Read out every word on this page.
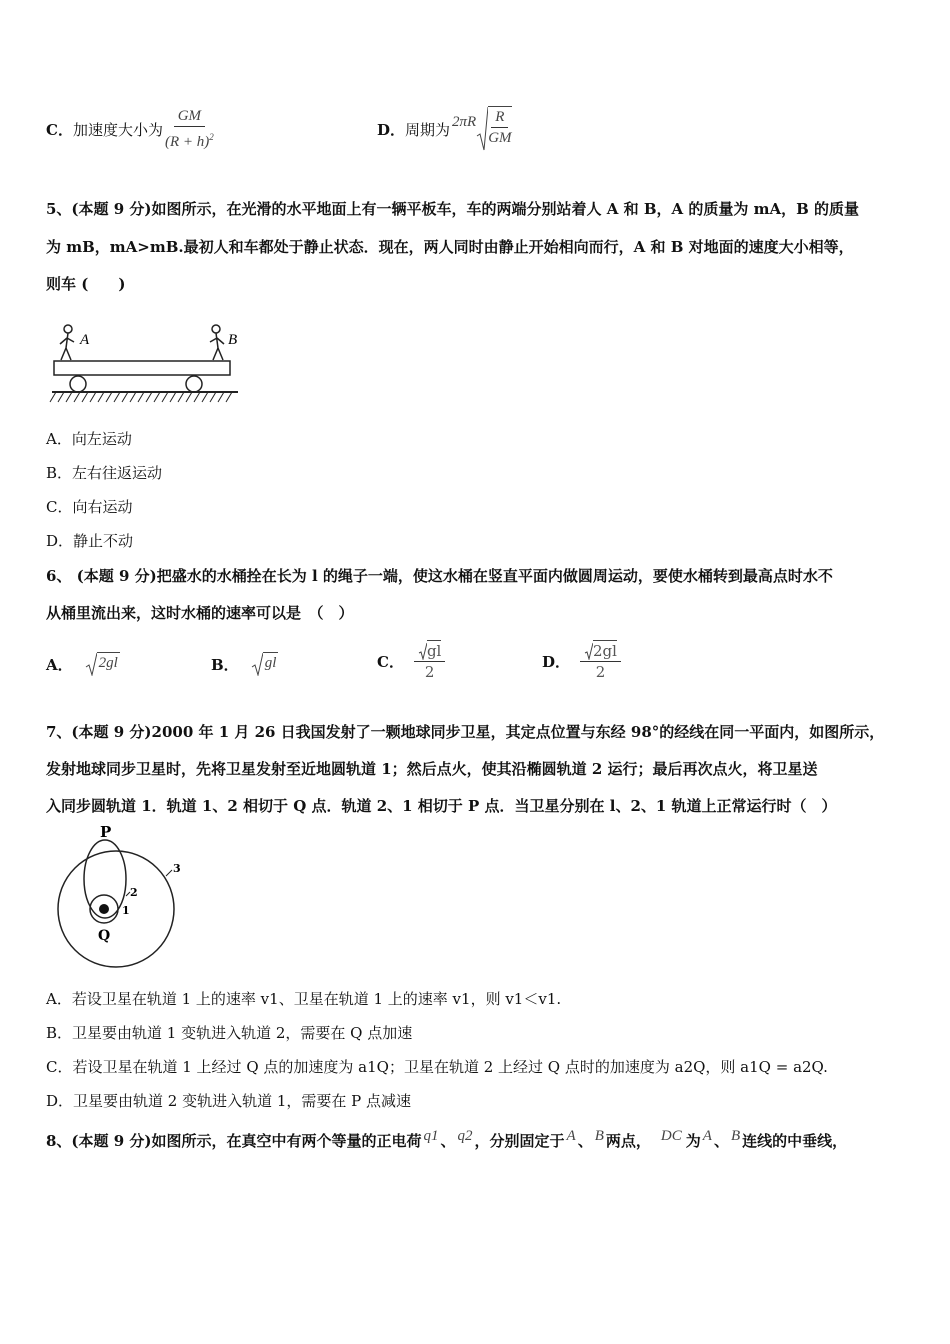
C． 加速度大小为 $\frac{GM}{(R + h)^2}$	D． 周期为 $2\pi R \frac{R}{GM}$
5、(本题 9 分)如图所示，在光滑的水平地面上有一辆平板车，车的两端分别站着人 A 和 B，A 的质量为 mA，B 的质量
为 mB，mA>mB.最初人和车都处于静止状态．现在，两人同时由静止开始相向而行，A 和 B 对地面的速度大小相等，
则车 (　　)
A	B
A．向左运动
B．左右往返运动
C．向右运动
D．静止不动
6、 (本题 9 分)把盛水的水桶拴在长为 l 的绳子一端，使这水桶在竖直平面内做圆周运动，要使水桶转到最高点时水不
从桶里流出来，这时水桶的速率可以是　（　）
A． 2gl	B． gl	C． $\frac{gl}{2}$	D． $\frac{2gl}{2}$
7、(本题 9 分)2000 年 1 月 26 日我国发射了一颗地球同步卫星，其定点位置与东经 98°的经线在同一平面内，如图所示，
发射地球同步卫星时，先将卫星发射至近地圆轨道 1；然后点火，使其沿椭圆轨道 2 运行；最后再次点火，将卫星送
入同步圆轨道 1．轨道 1、2 相切于 Q 点．轨道 2、1 相切于 P 点．当卫星分别在 l、2、1 轨道上正常运行时（　）
P
Q
1
2
3
A．若设卫星在轨道 1 上的速率 v1、卫星在轨道 1 上的速率 v1，则 v1＜v1.
B．卫星要由轨道 1 变轨进入轨道 2，需要在 Q 点加速
C．若设卫星在轨道 1 上经过 Q 点的加速度为 a1Q；卫星在轨道 2 上经过 Q 点时的加速度为 a2Q，则 a1Q = a2Q.
D．卫星要由轨道 2 变轨进入轨道 1，需要在 P 点减速
8、(本题 9 分)如图所示，在真空中有两个等量的正电荷 q1 、 q2 ，分别固定于 A 、 B 两点， DC 为 A 、 B 连线的中垂线，
